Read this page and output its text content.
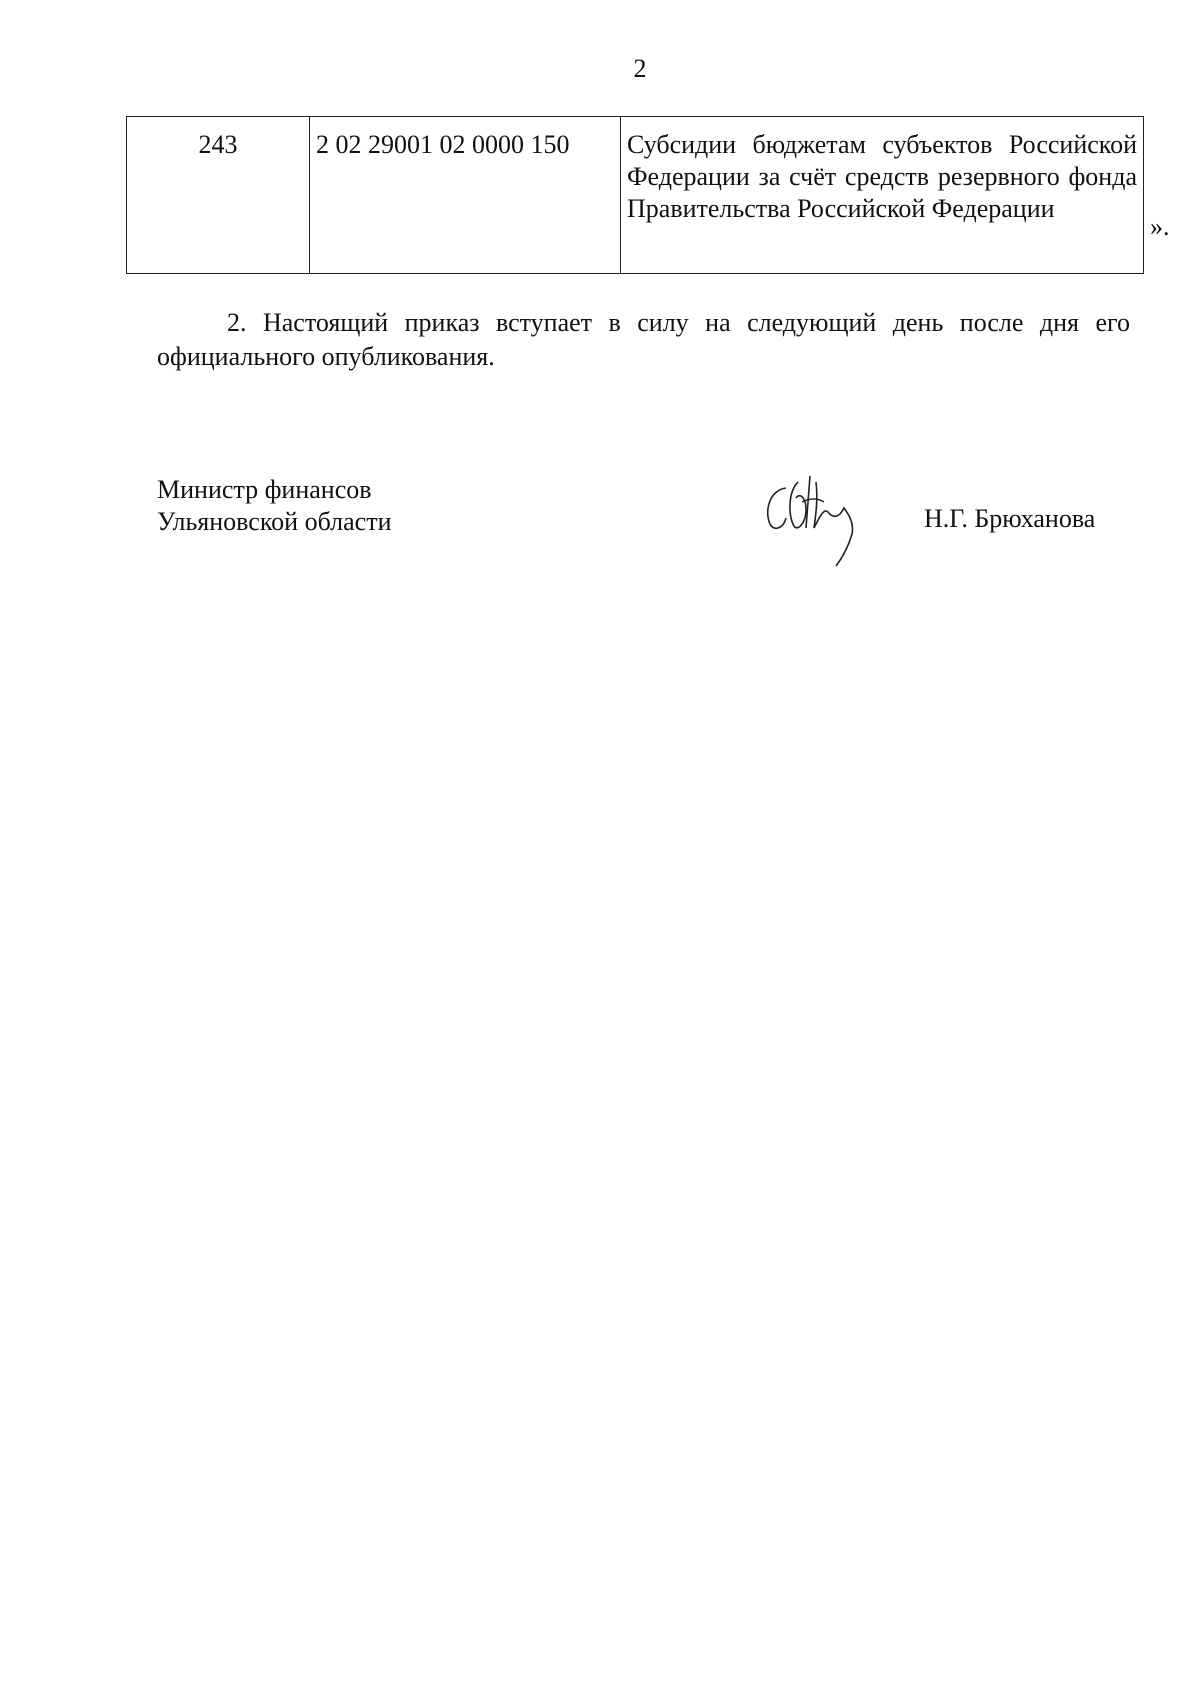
2
243	2 02 29001 02 0000 150	Субсидии бюджетам субъектов Российской Федерации за счёт средств резервного фонда Правительства Российской Федерации
».

2. Настоящий приказ вступает в силу на следующий день после дня его официального опубликования.

Министр финансов
Ульяновской области	Н.Г. Брюханова
